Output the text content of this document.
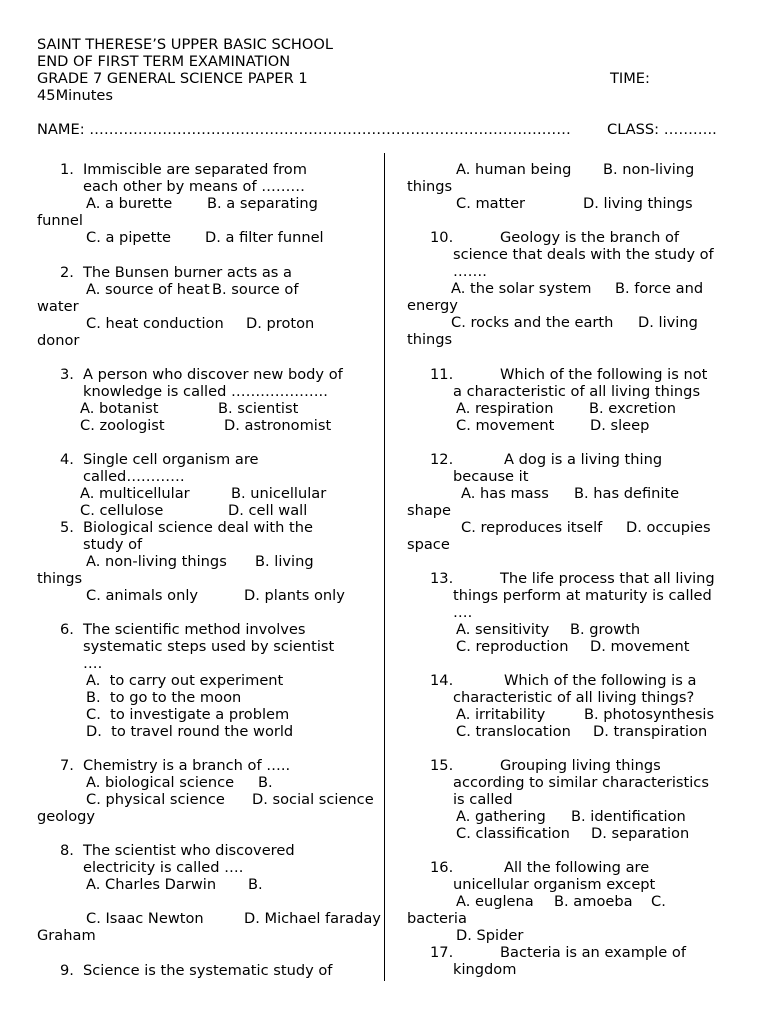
SAINT THERESE’S UPPER BASIC SCHOOL
END OF FIRST TERM EXAMINATION
GRADE 7 GENERAL SCIENCE PAPER 1	TIME:
45Minutes
NAME: ……………………………………………………………………………………… CLASS: ………..
1. Immiscible are separated from
each other by means of ………
A. a burette B. a separating
funnel
C. a pipette D. a filter funnel
2. The Bunsen burner acts as a
A. source of heat B. source of
water
C. heat conduction D. proton
donor
3. A person who discover new body of
knowledge is called ………………..
A. botanist	B. scientist
C. zoologist	D. astronomist
4. Single cell organism are
called…………
A. multicellular	B. unicellular
C. cellulose	D. cell wall
5. Biological science deal with the
study of
A. non-living things B. living
things
C. animals only	D. plants only
6. The scientific method involves
systematic steps used by scientist
….
A.  to carry out experiment
B.  to go to the moon
C.  to investigate a problem
D.  to travel round the world
7. Chemistry is a branch of …..
A. biological science B.
geology
C. physical science D. social science
8. The scientist who discovered
electricity is called ….
A. Charles Darwin B.
Graham
C. Isaac Newton	D. Michael faraday
9. Science is the systematic study of
A. human being B. non-living
things
C. matter	D. living things
10.	Geology is the branch of
science that deals with the study of
…….
A. the solar system B. force and
energy
C. rocks and the earth D. living
things
11.	Which of the following is not
a characteristic of all living things
A. respiration B. excretion
C. movement D. sleep
12.	A dog is a living thing
because it
A. has mass B. has definite
shape
C. reproduces itself D. occupies
space
13.	The life process that all living
things perform at maturity is called
….
A. sensitivity B. growth
C. reproduction D. movement
14.	Which of the following is a
characteristic of all living things?
A. irritability	B. photosynthesis
C. translocation D. transpiration
15.	Grouping living things
according to similar characteristics
is called
A. gathering B. identification
C. classification D. separation
16.	All the following are
unicellular organism except
A. euglena B. amoeba C.
bacteria
D. Spider
17.	Bacteria is an example of
kingdom
